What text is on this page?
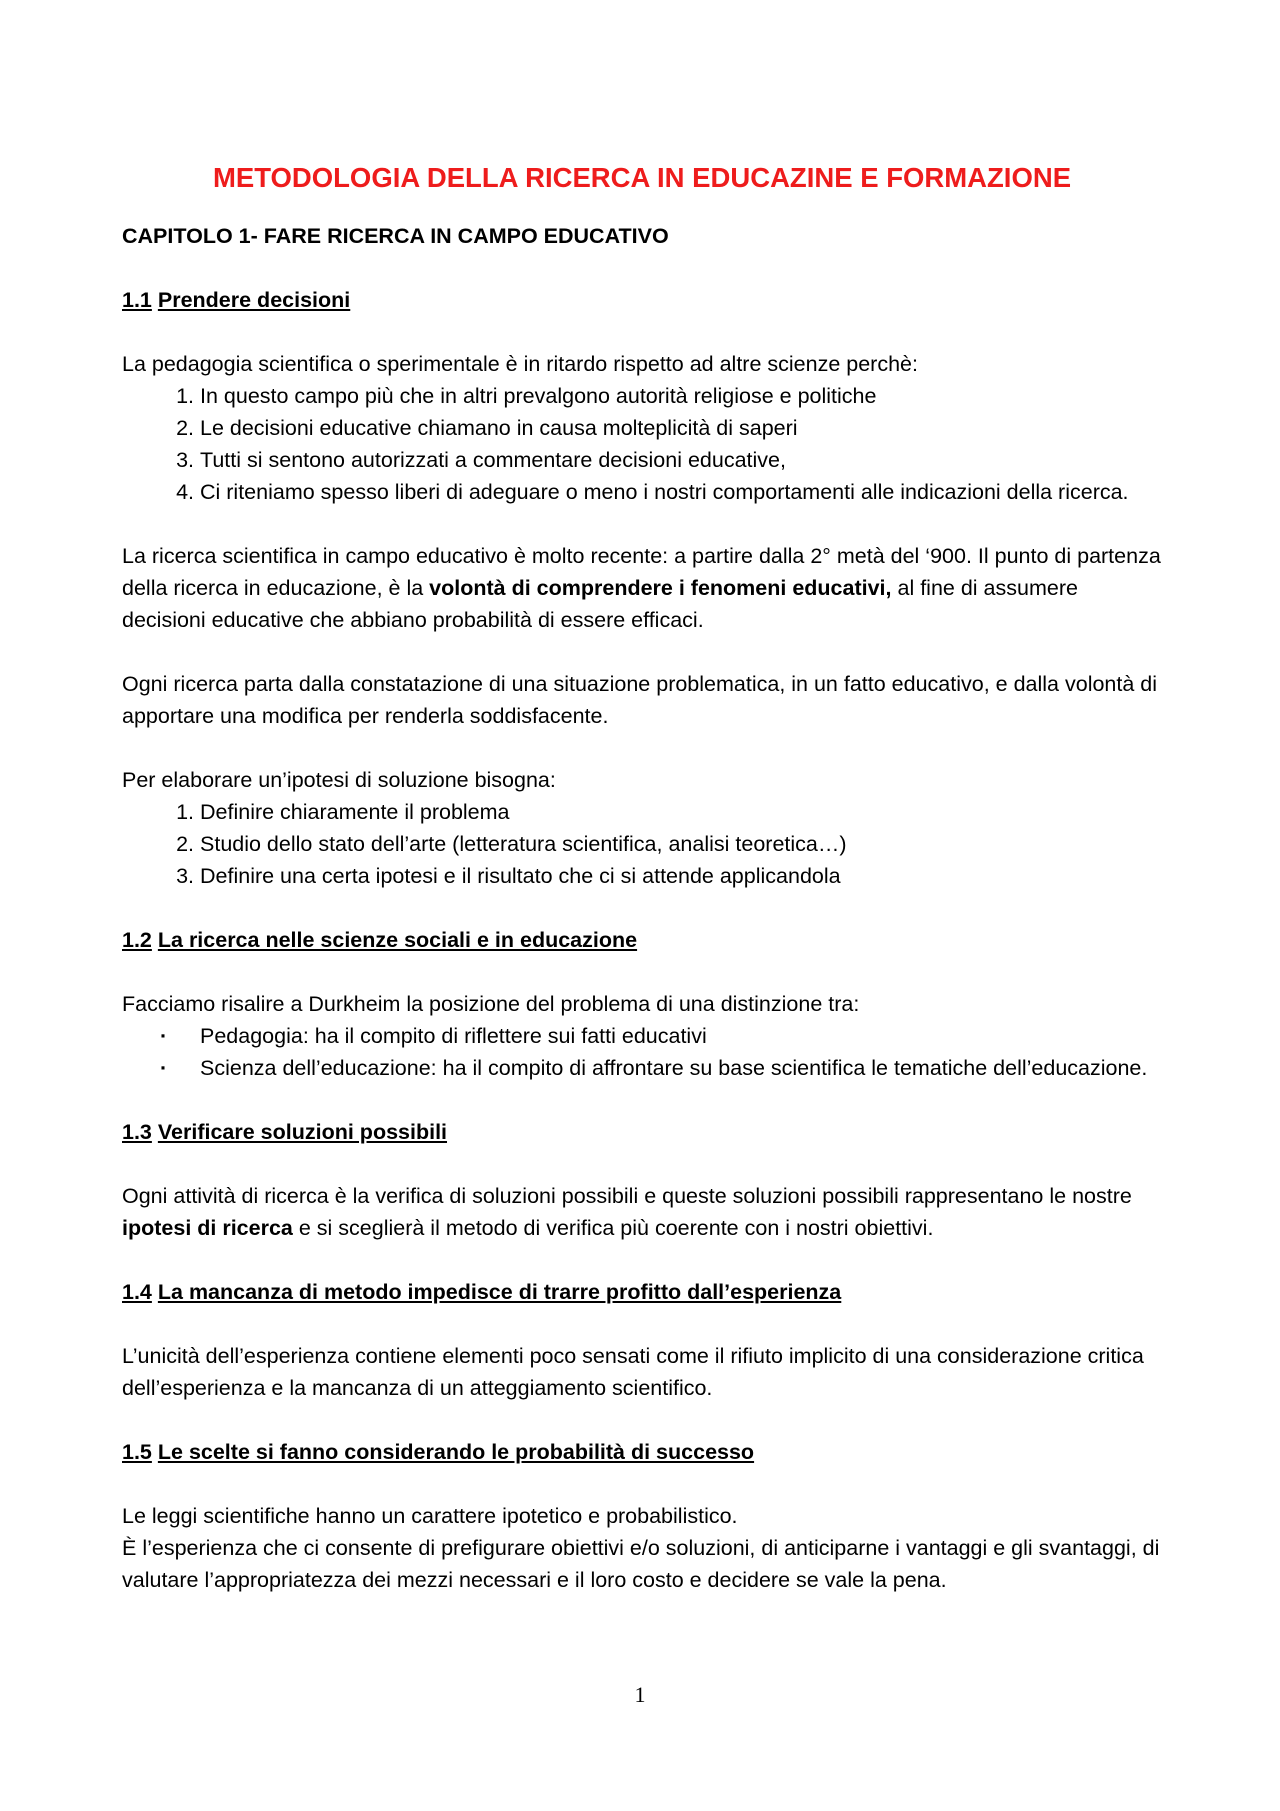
METODOLOGIA DELLA RICERCA IN EDUCAZINE E FORMAZIONE
CAPITOLO 1- FARE RICERCA IN CAMPO EDUCATIVO
1.1 Prendere decisioni

La pedagogia scientifica o sperimentale è in ritardo rispetto ad altre scienze perchè:

1. In questo campo più che in altri prevalgono autorità religiose e politiche
2. Le decisioni educative chiamano in causa molteplicità di saperi
3. Tutti si sentono autorizzati a commentare decisioni educative,
4. Ci riteniamo spesso liberi di adeguare o meno i nostri comportamenti alle indicazioni della ricerca.

La ricerca scientifica in campo educativo è molto recente: a partire dalla 2° metà del ‘900. Il punto di partenza della ricerca in educazione, è la volontà di comprendere i fenomeni educativi, al fine di assumere decisioni educative che abbiano probabilità di essere efficaci.

Ogni ricerca parta dalla constatazione di una situazione problematica, in un fatto educativo, e dalla volontà di apportare una modifica per renderla soddisfacente.

Per elaborare un’ipotesi di soluzione bisogna:

1. Definire chiaramente il problema
2. Studio dello stato dell’arte (letteratura scientifica, analisi teoretica…)
3. Definire una certa ipotesi e il risultato che ci si attende applicandola
1.2 La ricerca nelle scienze sociali e in educazione

Facciamo risalire a Durkheim la posizione del problema di una distinzione tra:

· Pedagogia: ha il compito di riflettere sui fatti educativi
· Scienza dell’educazione: ha il compito di affrontare su base scientifica le tematiche dell’educazione.
1.3 Verificare soluzioni possibili

Ogni attività di ricerca è la verifica di soluzioni possibili e queste soluzioni possibili rappresentano le nostre ipotesi di ricerca e si sceglierà il metodo di verifica più coerente con i nostri obiettivi.

1.4 La mancanza di metodo impedisce di trarre profitto dall’esperienza

L’unicità dell’esperienza contiene elementi poco sensati come il rifiuto implicito di una considerazione critica dell’esperienza e la mancanza di un atteggiamento scientifico.

1.5 Le scelte si fanno considerando le probabilità di successo

Le leggi scientifiche hanno un carattere ipotetico e probabilistico.

È l’esperienza che ci consente di prefigurare obiettivi e/o soluzioni, di anticiparne i vantaggi e gli svantaggi, di valutare l’appropriatezza dei mezzi necessari e il loro costo e decidere se vale la pena.

1
